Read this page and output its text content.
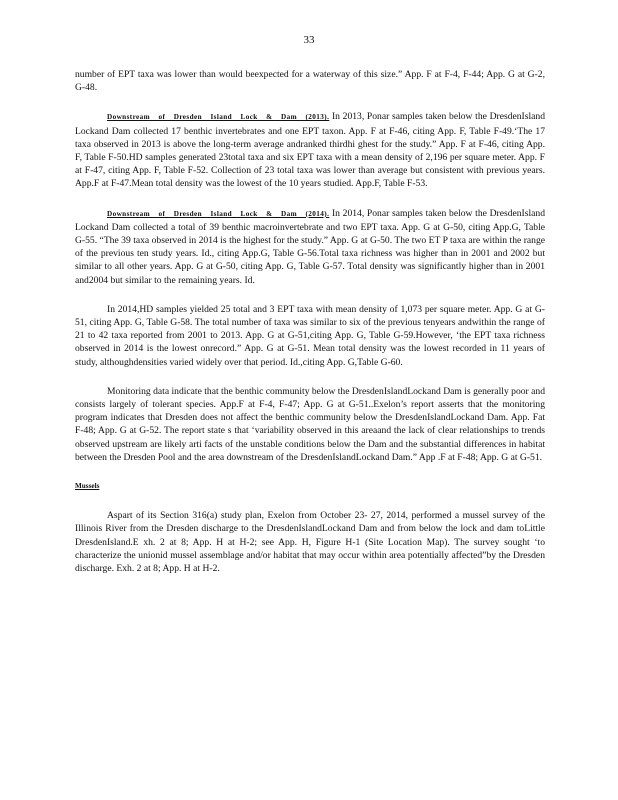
33

number of EPT taxa was lower than would beexpected for a waterway of this size.” App. F at F-4, F-44; App. G at G-2, G-48.

Downstream of Dresden Island Lock & Dam (2013). In 2013, Ponar samples taken below the DresdenIsland Lockand Dam collected 17 benthic invertebrates and one EPT taxon. App. F at F-46, citing App. F, Table F-49.‘The 17 taxa observed in 2013 is above the long-term average andranked thirdhi ghest for the study.” App. F at F-46, citing App. F, Table F-50.HD samples generated 23total taxa and six EPT taxa with a mean density of 2,196 per square meter. App. F at F-47, citing App. F, Table F-52. Collection of 23 total taxa was lower than average but consistent with previous years. App.F at F-47.Mean total density was the lowest of the 10 years studied. App.F, Table F-53.

Downstream of Dresden Island Lock & Dam (2014). In 2014, Ponar samples taken below the DresdenIsland Lockand Dam collected a total of 39 benthic macroinvertebrate and two EPT taxa. App. G at G-50, citing App.G, Table G-55. “The 39 taxa observed in 2014 is the highest for the study.” App. G at G-50. The two ET P taxa are within the range of the previous ten study years. Id., citing App.G, Table G-56.Total taxa richness was higher than in 2001 and 2002 but similar to all other years. App. G at G-50, citing App. G, Table G-57. Total density was significantly higher than in 2001 and2004 but similar to the remaining years. Id.

In 2014,HD samples yielded 25 total and 3 EPT taxa with mean density of 1,073 per square meter. App. G at G-51, citing App. G, Table G-58. The total number of taxa was similar to six of the previous tenyears andwithin the range of 21 to 42 taxa reported from 2001 to 2013. App. G at G-51,citing App. G, Table G-59.However, ‘the EPT taxa richness observed in 2014 is the lowest onrecord.” App. G at G-51. Mean total density was the lowest recorded in 11 years of study, althoughdensities varied widely over that period. Id.,citing App. G,Table G-60.

Monitoring data indicate that the benthic community below the DresdenIslandLockand Dam is generally poor and consists largely of tolerant species. App.F at F-4, F-47; App. G at G-51..Exelon’s report asserts that the monitoring program indicates that Dresden does not affect the benthic community below the DresdenIslandLockand Dam. App. Fat F-48; App. G at G-52. The report state s that ‘variability observed in this areaand the lack of clear relationships to trends observed upstream are likely arti facts of the unstable conditions below the Dam and the substantial differences in habitat between the Dresden Pool and the area downstream of the DresdenIslandLockand Dam.” App .F at F-48; App. G at G-51.

Mussels

Aspart of its Section 316(a) study plan, Exelon from October 23- 27, 2014, performed a mussel survey of the Illinois River from the Dresden discharge to the DresdenIslandLockand Dam and from below the lock and dam toLittle DresdenIsland.E xh. 2 at 8; App. H at H-2; see App. H, Figure H-1 (Site Location Map). The survey sought ‘to characterize the unionid mussel assemblage and/or habitat that may occur within area potentially affected”by the Dresden discharge. Exh. 2 at 8; App. H at H-2.
